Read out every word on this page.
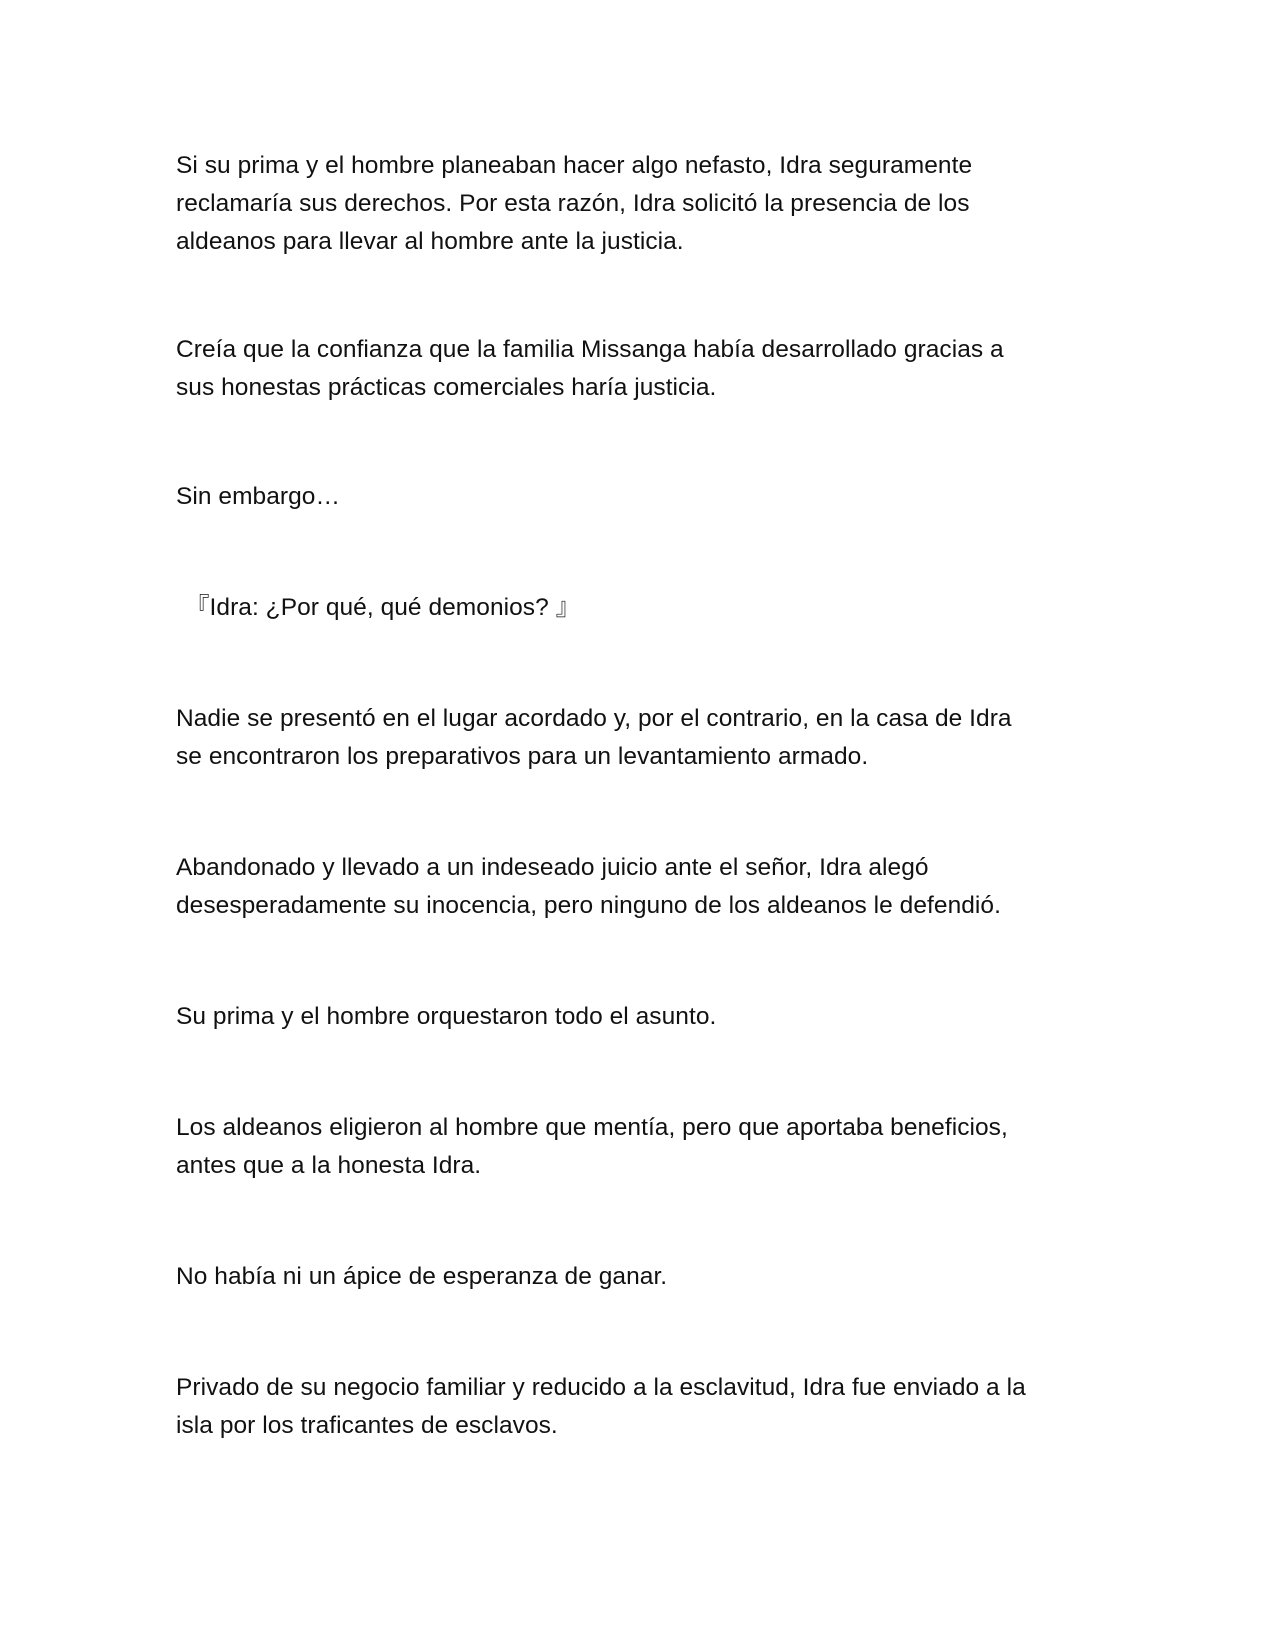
Si su prima y el hombre planeaban hacer algo nefasto, Idra seguramente
reclamaría sus derechos. Por esta razón, Idra solicitó la presencia de los
aldeanos para llevar al hombre ante la justicia.

Creía que la confianza que la familia Missanga había desarrollado gracias a
sus honestas prácticas comerciales haría justicia.

Sin embargo…

『Idra: ¿Por qué, qué demonios? 』

Nadie se presentó en el lugar acordado y, por el contrario, en la casa de Idra
se encontraron los preparativos para un levantamiento armado.

Abandonado y llevado a un indeseado juicio ante el señor, Idra alegó
desesperadamente su inocencia, pero ninguno de los aldeanos le defendió.

Su prima y el hombre orquestaron todo el asunto.

Los aldeanos eligieron al hombre que mentía, pero que aportaba beneficios,
antes que a la honesta Idra.

No había ni un ápice de esperanza de ganar.

Privado de su negocio familiar y reducido a la esclavitud, Idra fue enviado a la
isla por los traficantes de esclavos.
